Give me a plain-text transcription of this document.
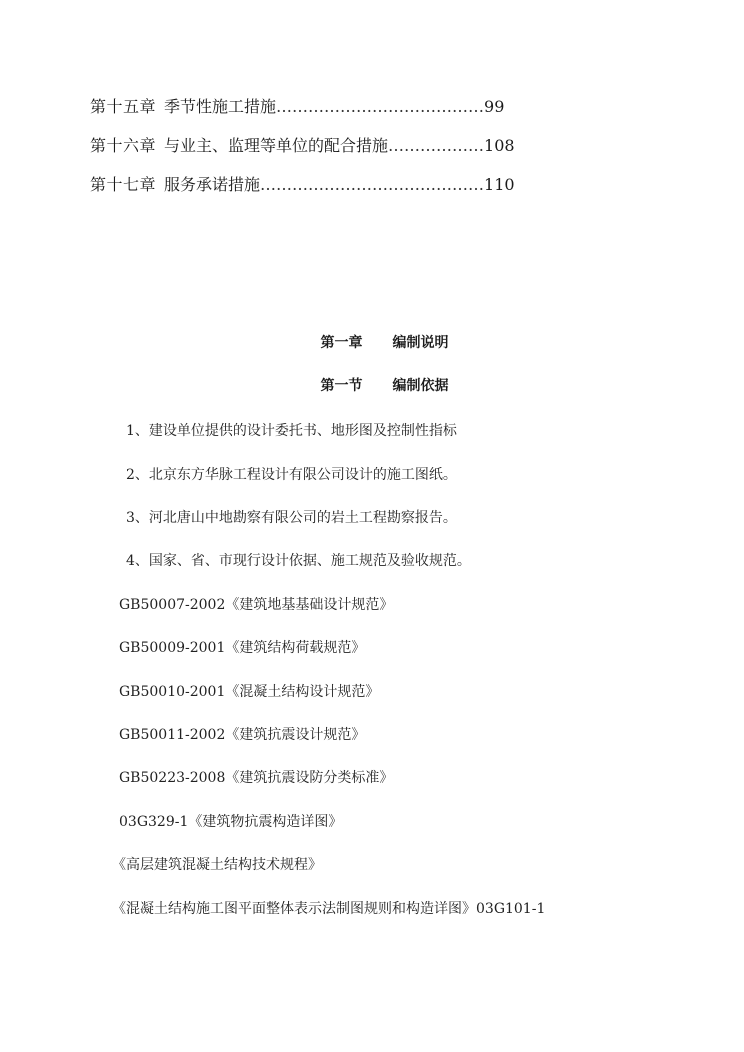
第十五章 季节性施工措施…………………………………99
第十六章 与业主、监理等单位的配合措施………………108
第十七章 服务承诺措施……………………………………110
第一章 编制说明
第一节 编制依据
1、建设单位提供的设计委托书、地形图及控制性指标
2、北京东方华脉工程设计有限公司设计的施工图纸。
3、河北唐山中地勘察有限公司的岩土工程勘察报告。
4、国家、省、市现行设计依据、施工规范及验收规范。
GB50007-2002《建筑地基基础设计规范》
GB50009-2001《建筑结构荷载规范》
GB50010-2001《混凝土结构设计规范》
GB50011-2002《建筑抗震设计规范》
GB50223-2008《建筑抗震设防分类标准》
03G329-1《建筑物抗震构造详图》
《高层建筑混凝土结构技术规程》
《混凝土结构施工图平面整体表示法制图规则和构造详图》03G101-1
